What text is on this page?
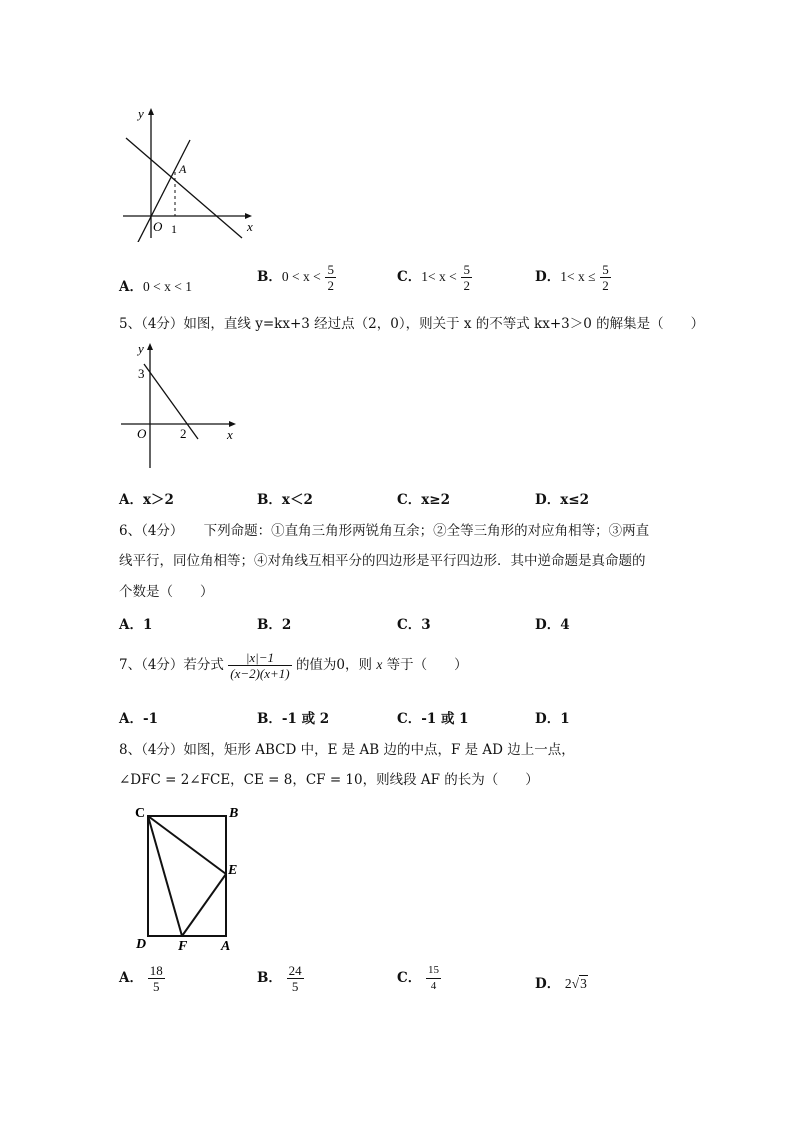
y
x
O
A
1
A．0 < x < 1
B．$0 < x < \frac{5}{2}$	C．$1< x < \frac{5}{2}$	D．$1< x \le \frac{5}{2}$
5、（4分）如图，直线 y=kx+3 经过点（2，0），则关于 x 的不等式 kx+3＞0 的解集是（　　）
y
x
O
3
2
A．x＞2	B．x＜2	C．x≥2	D．x≤2
6、（4分）　　下列命题：①直角三角形两锐角互余；②全等三角形的对应角相等；③两直
线平行，同位角相等；④对角线互相平分的四边形是平行四边形．其中逆命题是真命题的
个数是（　　）
A．1	B．2	C．3	D．4
7、（4分）若分式 $\frac{|x|-1}{(x-2)(x+1)}$ 的值为0，则 x 等于（　　）
A．-1	B．-1 或 2	C．-1 或 1	D．1
8、（4分）如图，矩形 ABCD 中，E 是 AB 边的中点，F 是 AD 边上一点，
∠DFC = 2∠FCE，CE = 8，CF = 10，则线段 AF 的长为（　　）
C	B
E
D F A
A． $\frac{18}{5}$	B． $\frac{24}{5}$	C． $\frac{15}{4}$	D． 2√3
